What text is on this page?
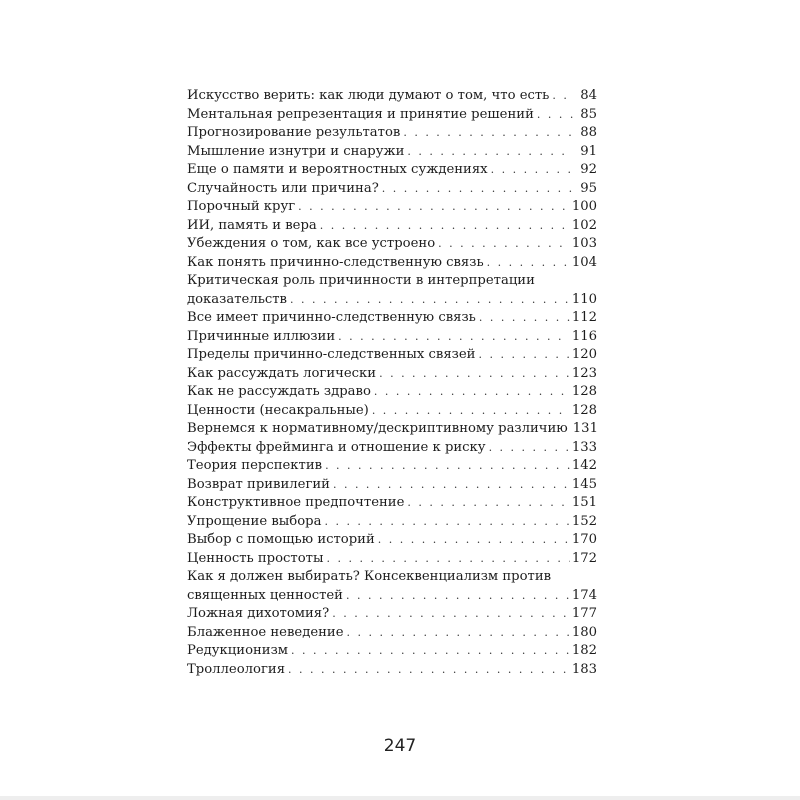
Искусство верить: как люди думают о том, что есть . . .	84
Ментальная репрезентация и принятие решений . . .	85
Прогнозирование результатов . . .	88
Мышление изнутри и снаружи . . .	91
Еще о памяти и вероятностных суждениях . . .	92
Случайность или причина? . . .	95
Порочный круг . . .	100
ИИ, память и вера . . .	102
Убеждения о том, как все устроено . . .	103
Как понять причинно-следственную связь . . .	104
Критическая роль причинности в интерпретации
доказательств . . .	110
Все имеет причинно-следственную связь . . .	112
Причинные иллюзии . . .	116
Пределы причинно-следственных связей . . .	120
Как рассуждать логически . . .	123
Как не рассуждать здраво . . .	128
Ценности (несакральные) . . .	128
Вернемся к нормативному/дескриптивному различию 131
Эффекты фрейминга и отношение к риску . . .	133
Теория перспектив . . .	142
Возврат привилегий . . .	145
Конструктивное предпочтение . . .	151
Упрощение выбора . . .	152
Выбор с помощью историй . . .	170
Ценность простоты . . .	172
Как я должен выбирать? Консеквенциализм против
священных ценностей . . .	174
Ложная дихотомия? . . .	177
Блаженное неведение . . .	180
Редукционизм . . .	182
Троллеология . . .	183
247
